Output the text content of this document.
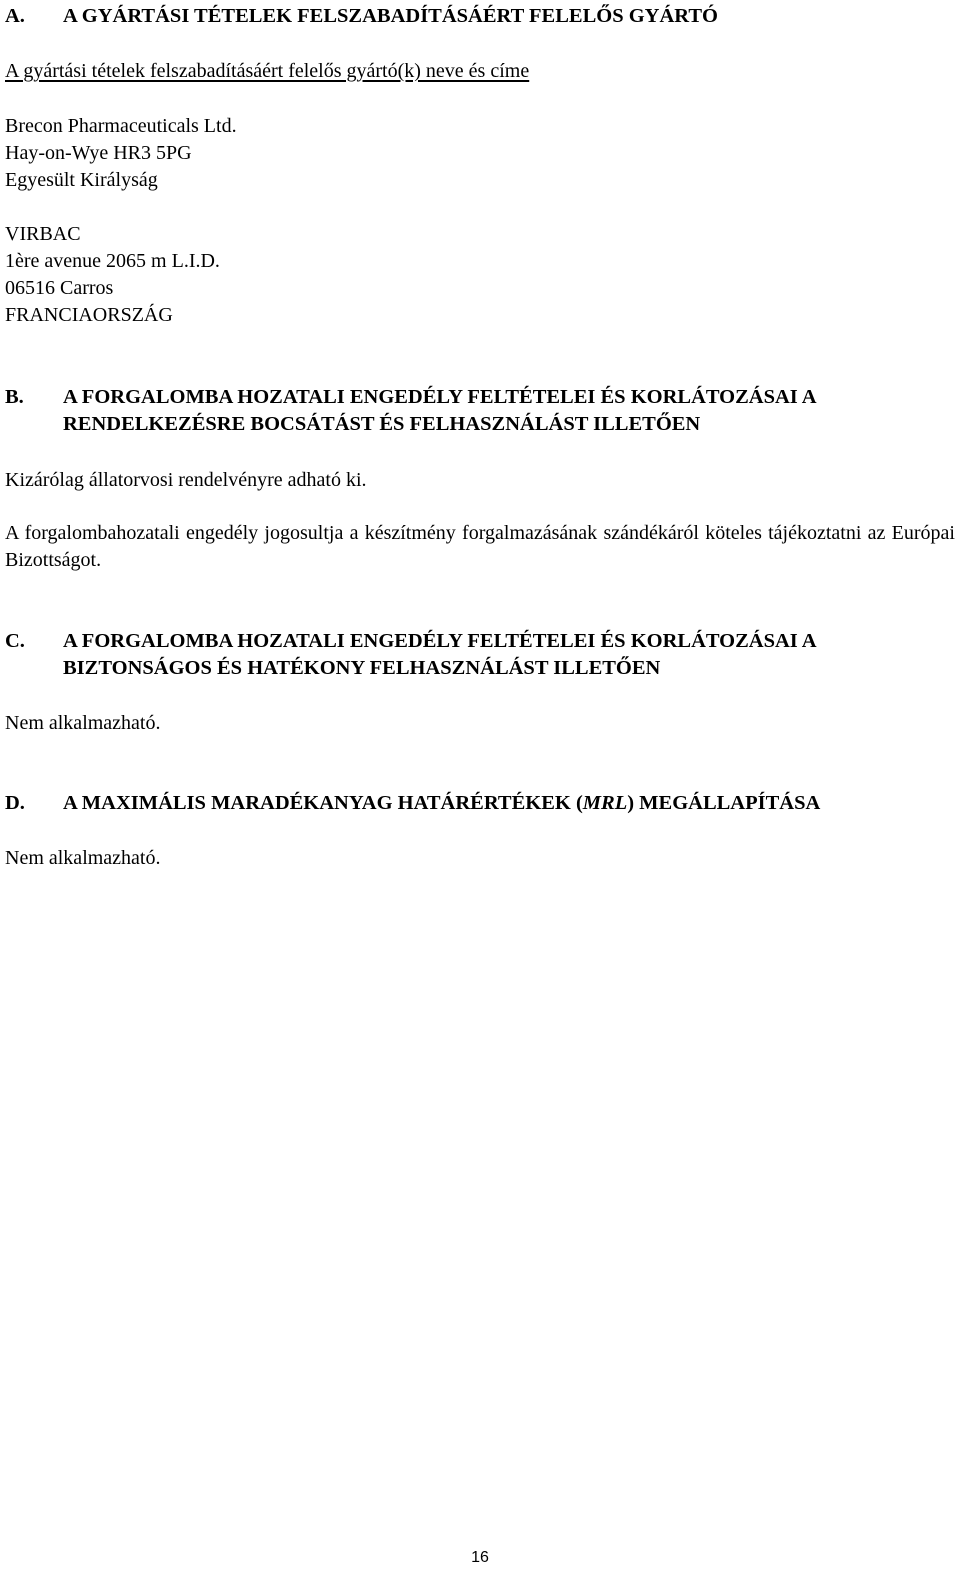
A. A GYÁRTÁSI TÉTELEK FELSZABADÍTÁSÁÉRT FELELŐS GYÁRTÓ
A gyártási tételek felszabadításáért felelős gyártó(k) neve és címe
Brecon Pharmaceuticals Ltd.
Hay-on-Wye HR3 5PG
Egyesült Királyság
VIRBAC
1ère avenue 2065 m L.I.D.
06516 Carros
FRANCIAORSZÁG
B. A FORGALOMBA HOZATALI ENGEDÉLY FELTÉTELEI ÉS KORLÁTOZÁSAI A RENDELKEZÉSRE BOCSÁTÁST ÉS FELHASZNÁLÁST ILLETŐEN
Kizárólag állatorvosi rendelvényre adható ki.
A forgalombahozatali engedély jogosultja a készítmény forgalmazásának szándékáról köteles tájékoztatni az Európai Bizottságot.
C. A FORGALOMBA HOZATALI ENGEDÉLY FELTÉTELEI ÉS KORLÁTOZÁSAI A BIZTONSÁGOS ÉS HATÉKONY FELHASZNÁLÁST ILLETŐEN
Nem alkalmazható.
D. A MAXIMÁLIS MARADÉKANYAG HATÁRÉRTÉKEK (MRL) MEGÁLLAPÍTÁSA
Nem alkalmazható.
16
